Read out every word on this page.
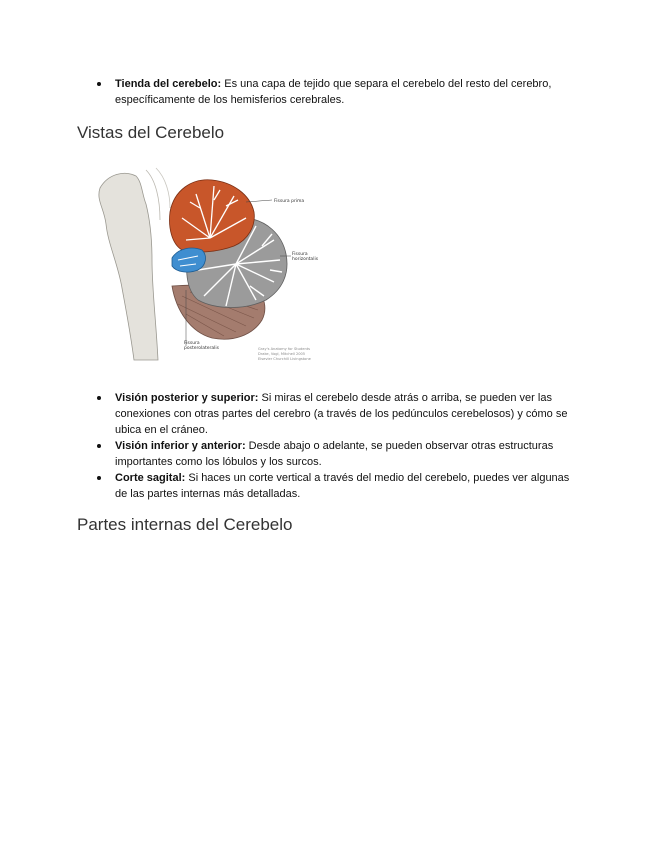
Tienda del cerebelo: Es una capa de tejido que separa el cerebelo del resto del cerebro, específicamente de los hemisferios cerebrales.
Vistas del Cerebelo
Fissura prima
Fissura
horizontalis
Fissura
posterolateralis	Gray's Anatomy for Students
Drake, Vogl, Mitchell 2005
Elsevier Churchill Livingstone
Visión posterior y superior: Si miras el cerebelo desde atrás o arriba, se pueden ver las conexiones con otras partes del cerebro (a través de los pedúnculos cerebelosos) y cómo se ubica en el cráneo.
Visión inferior y anterior: Desde abajo o adelante, se pueden observar otras estructuras importantes como los lóbulos y los surcos.
Corte sagital: Si haces un corte vertical a través del medio del cerebelo, puedes ver algunas de las partes internas más detalladas.
Partes internas del Cerebelo
